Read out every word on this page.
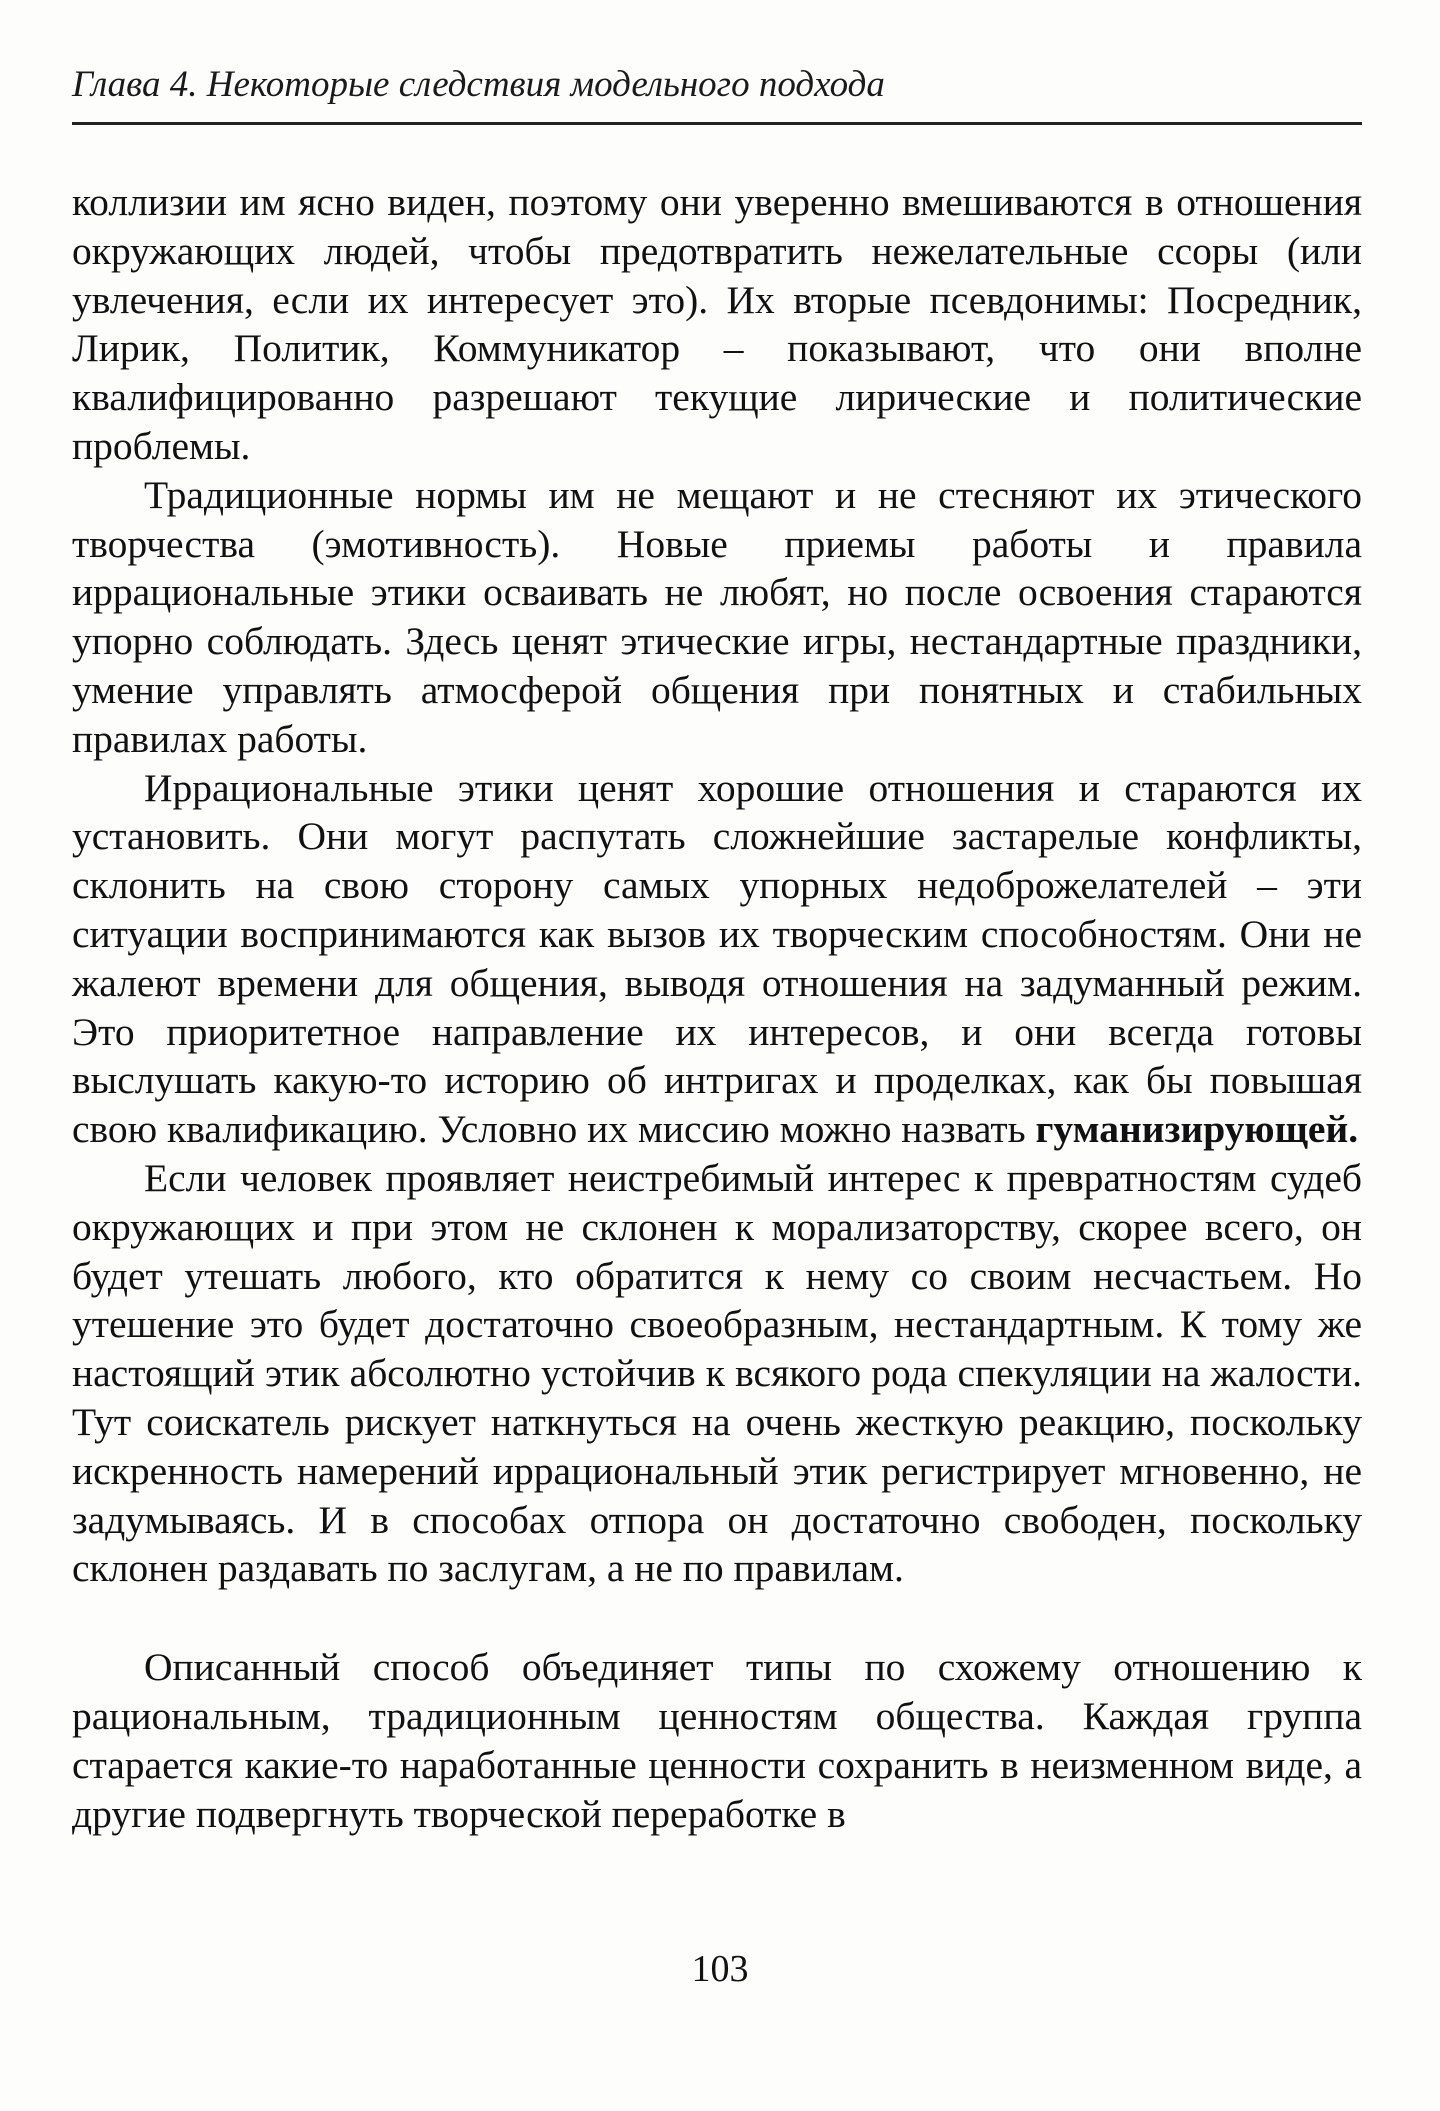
Глава 4. Некоторые следствия модельного подхода

коллизии им ясно виден, поэтому они уверенно вмешиваются в отношения окружающих людей, чтобы предотвратить нежелательные ссоры (или увлечения, если их интересует это). Их вторые псевдонимы: Посредник, Лирик, Политик, Коммуникатор – показывают, что они вполне квалифицированно разрешают текущие лирические и политические проблемы.

Традиционные нормы им не мещают и не стесняют их этического творчества (эмотивность). Новые приемы работы и правила иррациональные этики осваивать не любят, но после освоения стараются упорно соблюдать. Здесь ценят этические игры, нестандартные праздники, умение управлять атмосферой общения при понятных и стабильных правилах работы.

Иррациональные этики ценят хорошие отношения и стараются их установить. Они могут распутать сложнейшие застарелые конфликты, склонить на свою сторону самых упорных недоброжелателей – эти ситуации воспринимаются как вызов их творческим способностям. Они не жалеют времени для общения, выводя отношения на задуманный режим. Это приоритетное направление их интересов, и они всегда готовы выслушать какую-то историю об интригах и проделках, как бы повышая свою квалификацию. Условно их миссию можно назвать гуманизирующей.

Если человек проявляет неистребимый интерес к превратностям судеб окружающих и при этом не склонен к морализаторству, скорее всего, он будет утешать любого, кто обратится к нему со своим несчастьем. Но утешение это будет достаточно своеобразным, нестандартным. К тому же настоящий этик абсолютно устойчив к всякого рода спекуляции на жалости. Тут соискатель рискует наткнуться на очень жесткую реакцию, поскольку искренность намерений иррациональный этик регистрирует мгновенно, не задумываясь. И в способах отпора он достаточно свободен, поскольку склонен раздавать по заслугам, а не по правилам.

Описанный способ объединяет типы по схожему отношению к рациональным, традиционным ценностям общества. Каждая группа старается какие-то наработанные ценности сохранить в неизменном виде, а другие подвергнуть творческой переработке в

103
